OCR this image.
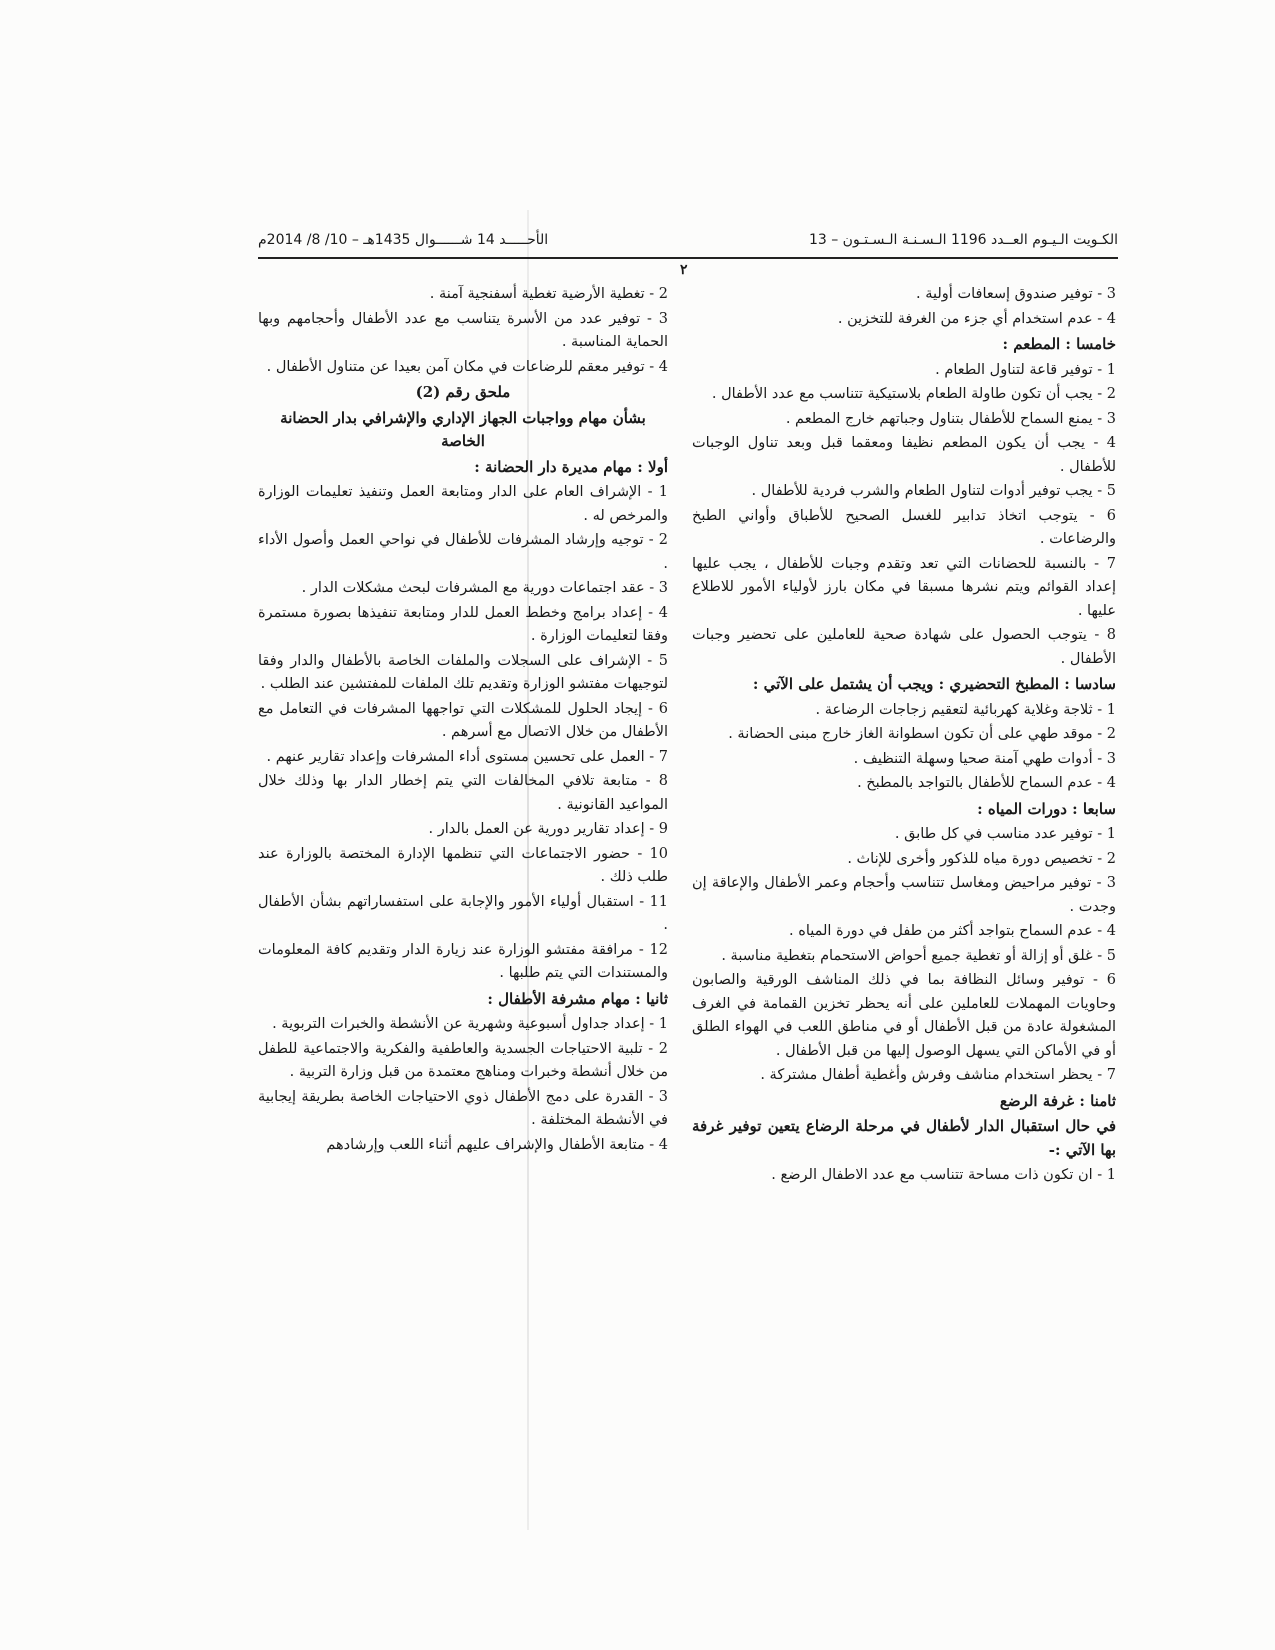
الكـويت الـيـوم العــدد 1196 الـسـنـة الـسـتـون – 13
الأحـــــد 14 شــــــوال 1435هـ – 10/ 8/ 2014م
٢

3 - توفير صندوق إسعافات أولية .

4 - عدم استخدام أي جزء من الغرفة للتخزين .

خامسا : المطعم :

1 - توفير قاعة لتناول الطعام .

2 - يجب أن تكون طاولة الطعام بلاستيكية تتناسب مع عدد الأطفال .

3 - يمنع السماح للأطفال بتناول وجباتهم خارج المطعم .

4 - يجب أن يكون المطعم نظيفا ومعقما قبل وبعد تناول الوجبات للأطفال .

5 - يجب توفير أدوات لتناول الطعام والشرب فردية للأطفال .

6 - يتوجب اتخاذ تدابير للغسل الصحيح للأطباق وأواني الطبخ والرضاعات .

7 - بالنسبة للحضانات التي تعد وتقدم وجبات للأطفال ، يجب عليها إعداد القوائم ويتم نشرها مسبقا في مكان بارز لأولياء الأمور للاطلاع عليها .

8 - يتوجب الحصول على شهادة صحية للعاملين على تحضير وجبات الأطفال .

سادسا : المطبخ التحضيري : ويجب أن يشتمل على الآتي :

1 - ثلاجة وغلاية كهربائية لتعقيم زجاجات الرضاعة .

2 - موقد طهي على أن تكون اسطوانة الغاز خارج مبنى الحضانة .

3 - أدوات طهي آمنة صحيا وسهلة التنظيف .

4 - عدم السماح للأطفال بالتواجد بالمطبخ .

سابعا : دورات المياه :

1 - توفير عدد مناسب في كل طابق .

2 - تخصيص دورة مياه للذكور وأخرى للإناث .

3 - توفير مراحيض ومغاسل تتناسب وأحجام وعمر الأطفال والإعاقة إن وجدت .

4 - عدم السماح بتواجد أكثر من طفل في دورة المياه .

5 - غلق أو إزالة أو تغطية جميع أحواض الاستحمام بتغطية مناسبة .

6 - توفير وسائل النظافة بما في ذلك المناشف الورقية والصابون وحاويات المهملات للعاملين على أنه يحظر تخزين القمامة في الغرف المشغولة عادة من قبل الأطفال أو في مناطق اللعب في الهواء الطلق أو في الأماكن التي يسهل الوصول إليها من قبل الأطفال .

7 - يحظر استخدام مناشف وفرش وأغطية أطفال مشتركة .

ثامنا : غرفة الرضع
في حال استقبال الدار لأطفال في مرحلة الرضاع يتعين توفير غرفة بها الآتي :-

1 - ان تكون ذات مساحة تتناسب مع عدد الاطفال الرضع .

2 - تغطية الأرضية تغطية أسفنجية آمنة .

3 - توفير عدد من الأسرة يتناسب مع عدد الأطفال وأحجامهم وبها الحماية المناسبة .

4 - توفير معقم للرضاعات في مكان آمن بعيدا عن متناول الأطفال .

ملحق رقم (2)
بشأن مهام وواجبات الجهاز الإداري والإشرافي بدار الحضانة الخاصة
أولا : مهام مديرة دار الحضانة :

1 - الإشراف العام على الدار ومتابعة العمل وتنفيذ تعليمات الوزارة والمرخص له .

2 - توجيه وإرشاد المشرفات للأطفال في نواحي العمل وأصول الأداء .

3 - عقد اجتماعات دورية مع المشرفات لبحث مشكلات الدار .

4 - إعداد برامج وخطط العمل للدار ومتابعة تنفيذها بصورة مستمرة وفقا لتعليمات الوزارة .

5 - الإشراف على السجلات والملفات الخاصة بالأطفال والدار وفقا لتوجيهات مفتشو الوزارة وتقديم تلك الملفات للمفتشين عند الطلب .

6 - إيجاد الحلول للمشكلات التي تواجهها المشرفات في التعامل مع الأطفال من خلال الاتصال مع أسرهم .

7 - العمل على تحسين مستوى أداء المشرفات وإعداد تقارير عنهم .

8 - متابعة تلافي المخالفات التي يتم إخطار الدار بها وذلك خلال المواعيد القانونية .

9 - إعداد تقارير دورية عن العمل بالدار .

10 - حضور الاجتماعات التي تنظمها الإدارة المختصة بالوزارة عند طلب ذلك .

11 - استقبال أولياء الأمور والإجابة على استفساراتهم بشأن الأطفال .

12 - مرافقة مفتشو الوزارة عند زيارة الدار وتقديم كافة المعلومات والمستندات التي يتم طلبها .

ثانيا : مهام مشرفة الأطفال :

1 - إعداد جداول أسبوعية وشهرية عن الأنشطة والخبرات التربوية .

2 - تلبية الاحتياجات الجسدية والعاطفية والفكرية والاجتماعية للطفل من خلال أنشطة وخبرات ومناهج معتمدة من قبل وزارة التربية .

3 - القدرة على دمج الأطفال ذوي الاحتياجات الخاصة بطريقة إيجابية في الأنشطة المختلفة .

4 - متابعة الأطفال والإشراف عليهم أثناء اللعب وإرشادهم
